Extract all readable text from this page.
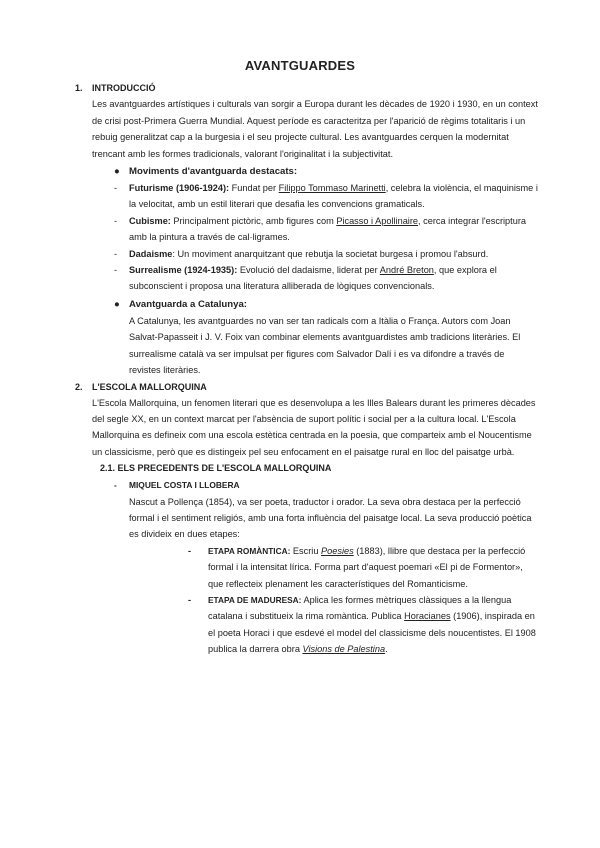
AVANTGUARDES
1. INTRODUCCIÓ

Les avantguardes artístiques i culturals van sorgir a Europa durant les dècades de 1920 i 1930, en un context de crisi post-Primera Guerra Mundial. Aquest període es caracteritza per l'aparició de règims totalitaris i un rebuig generalitzat cap a la burgesia i el seu projecte cultural. Les avantguardes cerquen la modernitat trencant amb les formes tradicionals, valorant l'originalitat i la subjectivitat.

● Moviments d'avantguarda destacats:
- Futurisme (1906-1924): Fundat per Filippo Tommaso Marinetti, celebra la violència, el maquinisme i la velocitat, amb un estil literari que desafia les convencions gramaticals.
- Cubisme: Principalment pictòric, amb figures com Picasso i Apollinaire, cerca integrar l'escriptura amb la pintura a través de cal·ligrames.
- Dadaisme: Un moviment anarquitzant que rebutja la societat burgesa i promou l'absurd.
- Surrealisme (1924-1935): Evolució del dadaisme, liderat per André Breton, que explora el subconscient i proposa una literatura alliberada de lògiques convencionals.
● Avantguarda a Catalunya:

A Catalunya, les avantguardes no van ser tan radicals com a Itàlia o França. Autors com Joan Salvat-Papasseit i J. V. Foix van combinar elements avantguardistes amb tradicions literàries. El surrealisme català va ser impulsat per figures com Salvador Dalí i es va difondre a través de revistes literàries.

2. L'ESCOLA MALLORQUINA

L'Escola Mallorquina, un fenomen literari que es desenvolupa a les Illes Balears durant les primeres dècades del segle XX, en un context marcat per l'absència de suport polític i social per a la cultura local. L'Escola Mallorquina es defineix com una escola estètica centrada en la poesia, que comparteix amb el Noucentisme un classicisme, però que es distingeix pel seu enfocament en el paisatge rural en lloc del paisatge urbà.

2.1. ELS PRECEDENTS DE L'ESCOLA MALLORQUINA
- MIQUEL COSTA I LLOBERA

Nascut a Pollença (1854), va ser poeta, traductor i orador. La seva obra destaca per la perfecció formal i el sentiment religiós, amb una forta influència del paisatge local. La seva producció poètica es divideix en dues etapes:

- ETAPA ROMÀNTICA: Escriu Poesies (1883), llibre que destaca per la perfecció formal i la intensitat lírica. Forma part d'aquest poemari «El pi de Formentor», que reflecteix plenament les característiques del Romanticisme.
- ETAPA DE MADURESA: Aplica les formes mètriques clàssiques a la llengua catalana i substitueix la rima romàntica. Publica Horacianes (1906), inspirada en el poeta Horaci i que esdevé el model del classicisme dels noucentistes. El 1908 publica la darrera obra Visions de Palestina.
